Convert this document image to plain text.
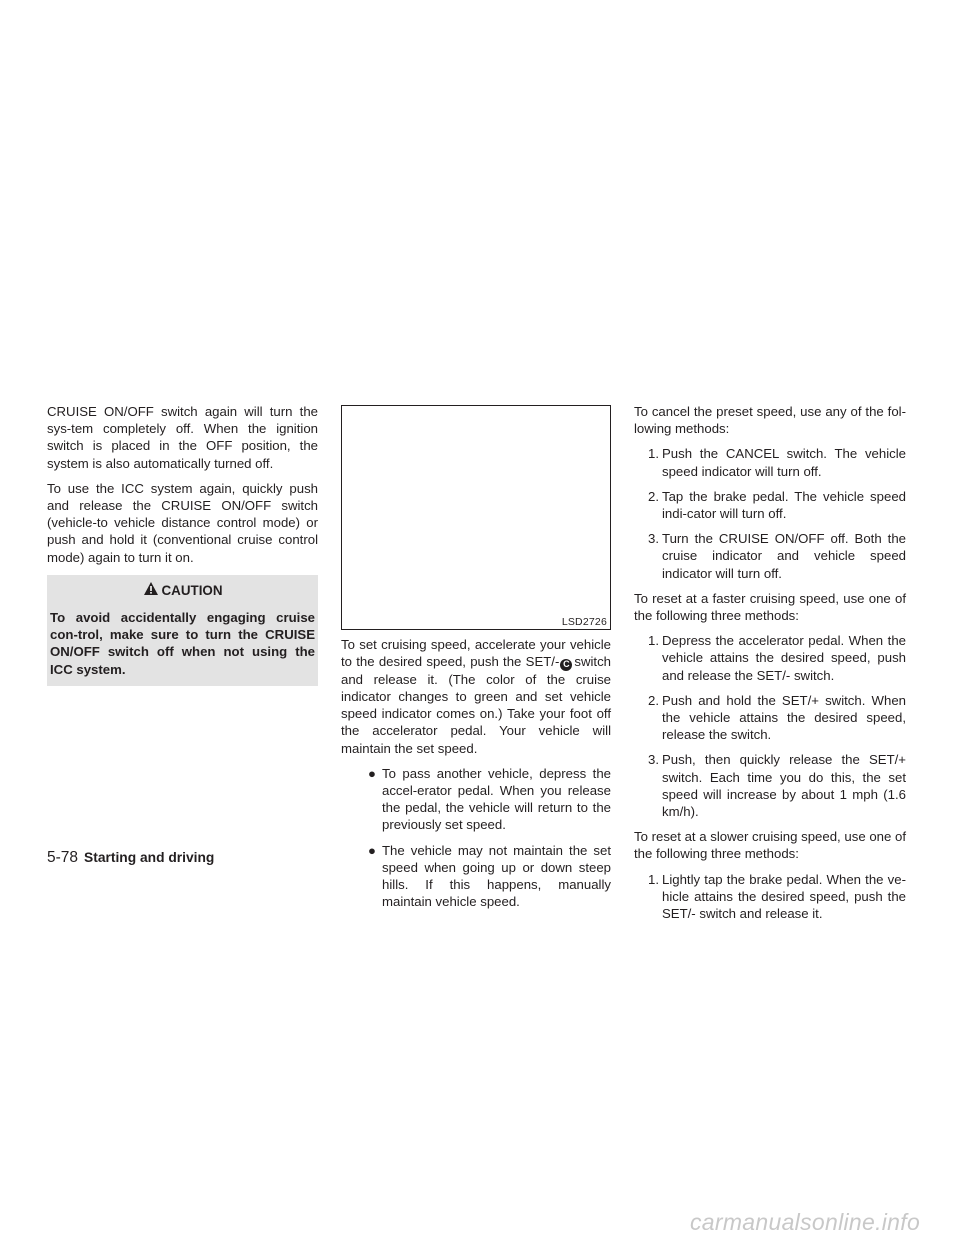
CRUISE ON/OFF switch again will turn the sys-tem completely off. When the ignition switch is placed in the OFF position, the system is also automatically turned off.

To use the ICC system again, quickly push and release the CRUISE ON/OFF switch (vehicle-to vehicle distance control mode) or push and hold it (conventional cruise control mode) again to turn it on.

CAUTION
To avoid accidentally engaging cruise con-trol, make sure to turn the CRUISE ON/OFF switch off when not using the ICC system.
LSD2726

To set cruising speed, accelerate your vehicle to the desired speed, push the SET/- C switch and release it. (The color of the cruise indicator changes to green and set vehicle speed indicator comes on.) Take your foot off the accelerator pedal. Your vehicle will maintain the set speed.

● To pass another vehicle, depress the accel-erator pedal. When you release the pedal, the vehicle will return to the previously set speed.
● The vehicle may not maintain the set speed when going up or down steep hills. If this happens, manually maintain vehicle speed.

To cancel the preset speed, use any of the fol-lowing methods:

1. Push the CANCEL switch. The vehicle speed indicator will turn off.
2. Tap the brake pedal. The vehicle speed indi-cator will turn off.
3. Turn the CRUISE ON/OFF off. Both the cruise indicator and vehicle speed indicator will turn off.

To reset at a faster cruising speed, use one of the following three methods:

1. Depress the accelerator pedal. When the vehicle attains the desired speed, push and release the SET/- switch.
2. Push and hold the SET/+ switch. When the vehicle attains the desired speed, release the switch.
3. Push, then quickly release the SET/+ switch. Each time you do this, the set speed will increase by about 1 mph (1.6 km/h).

To reset at a slower cruising speed, use one of the following three methods:

1. Lightly tap the brake pedal. When the ve-hicle attains the desired speed, push the SET/- switch and release it.
5-78 Starting and driving
carmanualsonline.info
